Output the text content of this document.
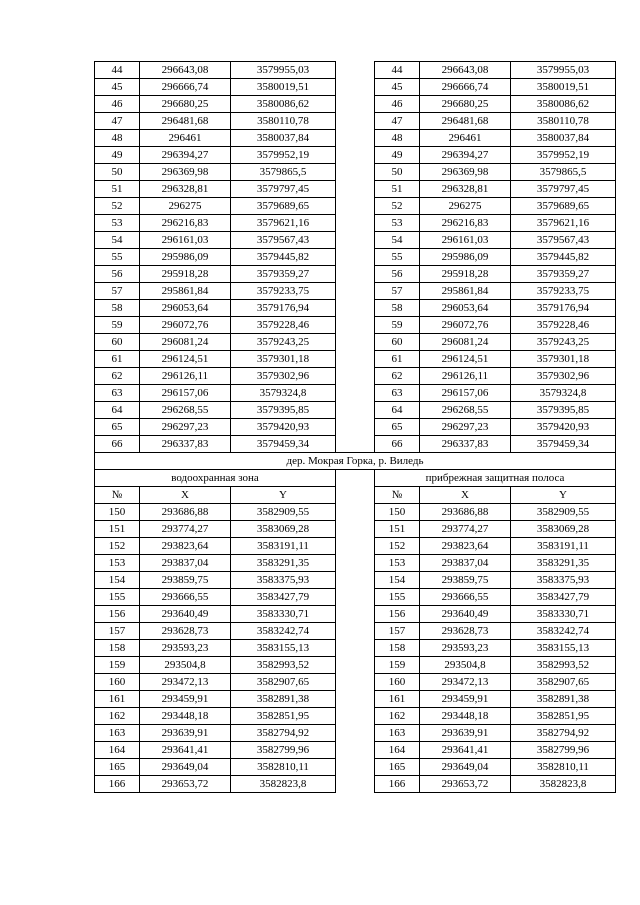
44	296643,08	3579955,03		44	296643,08	3579955,03
45	296666,74	3580019,51		45	296666,74	3580019,51
46	296680,25	3580086,62		46	296680,25	3580086,62
47	296481,68	3580110,78		47	296481,68	3580110,78
48	296461	3580037,84		48	296461	3580037,84
49	296394,27	3579952,19		49	296394,27	3579952,19
50	296369,98	3579865,5		50	296369,98	3579865,5
51	296328,81	3579797,45		51	296328,81	3579797,45
52	296275	3579689,65		52	296275	3579689,65
53	296216,83	3579621,16		53	296216,83	3579621,16
54	296161,03	3579567,43		54	296161,03	3579567,43
55	295986,09	3579445,82		55	295986,09	3579445,82
56	295918,28	3579359,27		56	295918,28	3579359,27
57	295861,84	3579233,75		57	295861,84	3579233,75
58	296053,64	3579176,94		58	296053,64	3579176,94
59	296072,76	3579228,46		59	296072,76	3579228,46
60	296081,24	3579243,25		60	296081,24	3579243,25
61	296124,51	3579301,18		61	296124,51	3579301,18
62	296126,11	3579302,96		62	296126,11	3579302,96
63	296157,06	3579324,8		63	296157,06	3579324,8
64	296268,55	3579395,85		64	296268,55	3579395,85
65	296297,23	3579420,93		65	296297,23	3579420,93
66	296337,83	3579459,34		66	296337,83	3579459,34
дер. Мокрая Горка, р. Виледь						
водоохранная зона				прибрежная защитная полоса		
№	X	Y		№	X	Y
150	293686,88	3582909,55		150	293686,88	3582909,55
151	293774,27	3583069,28		151	293774,27	3583069,28
152	293823,64	3583191,11		152	293823,64	3583191,11
153	293837,04	3583291,35		153	293837,04	3583291,35
154	293859,75	3583375,93		154	293859,75	3583375,93
155	293666,55	3583427,79		155	293666,55	3583427,79
156	293640,49	3583330,71		156	293640,49	3583330,71
157	293628,73	3583242,74		157	293628,73	3583242,74
158	293593,23	3583155,13		158	293593,23	3583155,13
159	293504,8	3582993,52		159	293504,8	3582993,52
160	293472,13	3582907,65		160	293472,13	3582907,65
161	293459,91	3582891,38		161	293459,91	3582891,38
162	293448,18	3582851,95		162	293448,18	3582851,95
163	293639,91	3582794,92		163	293639,91	3582794,92
164	293641,41	3582799,96		164	293641,41	3582799,96
165	293649,04	3582810,11		165	293649,04	3582810,11
166	293653,72	3582823,8		166	293653,72	3582823,8
